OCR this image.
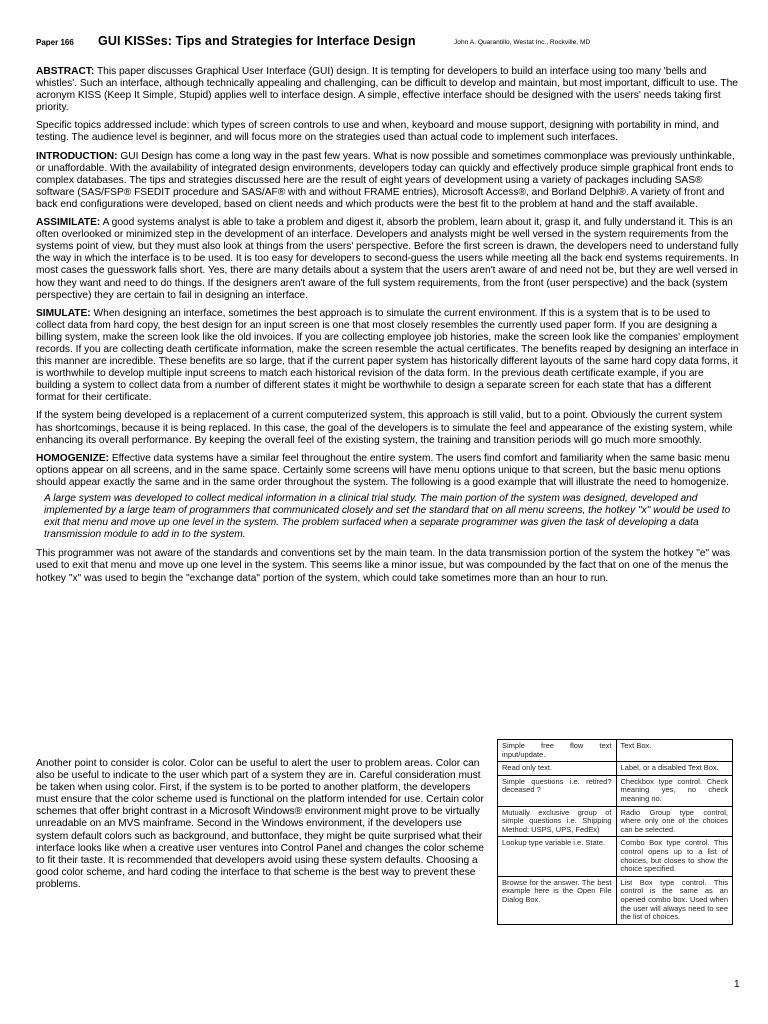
Paper 166 GUI KISSes: Tips and Strategies for Interface Design	John A. Quarantillo, Westat Inc., Rockville, MD

ABSTRACT: This paper discusses Graphical User Interface (GUI) design. It is tempting for developers to build an interface using too many 'bells and whistles'. Such an interface, although technically appealing and challenging, can be difficult to develop and maintain, but most important, difficult to use. The acronym KISS (Keep It Simple, Stupid) applies well to interface design. A simple, effective interface should be designed with the users' needs taking first priority.

Specific topics addressed include: which types of screen controls to use and when, keyboard and mouse support, designing with portability in mind, and testing. The audience level is beginner, and will focus more on the strategies used than actual code to implement such interfaces.

INTRODUCTION: GUI Design has come a long way in the past few years. What is now possible and sometimes commonplace was previously unthinkable, or unaffordable. With the availability of integrated design environments, developers today can quickly and effectively produce simple graphical front ends to complex databases. The tips and strategies discussed here are the result of eight years of development using a variety of packages including SAS® software (SAS/FSP® FSEDIT procedure and SAS/AF® with and without FRAME entries), Microsoft Access®, and Borland Delphi®. A variety of front and back end configurations were developed, based on client needs and which products were the best fit to the problem at hand and the staff available.

ASSIMILATE: A good systems analyst is able to take a problem and digest it, absorb the problem, learn about it, grasp it, and fully understand it. This is an often overlooked or minimized step in the development of an interface. Developers and analysts might be well versed in the system requirements from the systems point of view, but they must also look at things from the users' perspective. Before the first screen is drawn, the developers need to understand fully the way in which the interface is to be used. It is too easy for developers to second-guess the users while meeting all the back end systems requirements. In most cases the guesswork falls short. Yes, there are many details about a system that the users aren't aware of and need not be, but they are well versed in how they want and need to do things. If the designers aren't aware of the full system requirements, from the front (user perspective) and the back (system perspective) they are certain to fail in designing an interface.

SIMULATE: When designing an interface, sometimes the best approach is to simulate the current environment. If this is a system that is to be used to collect data from hard copy, the best design for an input screen is one that most closely resembles the currently used paper form. If you are designing a billing system, make the screen look like the old invoices. If you are collecting employee job histories, make the screen look like the companies' employment records. If you are collecting death certificate information, make the screen resemble the actual certificates. The benefits reaped by designing an interface in this manner are incredible. These benefits are so large, that if the current paper system has historically different layouts of the same hard copy data forms, it is worthwhile to develop multiple input screens to match each historical revision of the data form. In the previous death certificate example, if you are building a system to collect data from a number of different states it might be worthwhile to design a separate screen for each state that has a different format for their certificate.

If the system being developed is a replacement of a current computerized system, this approach is still valid, but to a point. Obviously the current system has shortcomings, because it is being replaced. In this case, the goal of the developers is to simulate the feel and appearance of the existing system, while enhancing its overall performance. By keeping the overall feel of the existing system, the training and transition periods will go much more smoothly.

HOMOGENIZE: Effective data systems have a similar feel throughout the entire system. The users find comfort and familiarity when the same basic menu options appear on all screens, and in the same space. Certainly some screens will have menu options unique to that screen, but the basic menu options should appear exactly the same and in the same order throughout the system. The following is a good example that will illustrate the need to homogenize.

A large system was developed to collect medical information in a clinical trial study. The main portion of the system was designed, developed and implemented by a large team of programmers that communicated closely and set the standard that on all menu screens, the hotkey "x" would be used to exit that menu and move up one level in the system. The problem surfaced when a separate programmer was given the task of developing a data transmission module to add in to the system.

This programmer was not aware of the standards and conventions set by the main team. In the data transmission portion of the system the hotkey "e" was used to exit that menu and move up one level in the system. This seems like a minor issue, but was compounded by the fact that on one of the menus the hotkey "x" was used to begin the "exchange data" portion of the system, which could take sometimes more than an hour to run.

Another point to consider is color. Color can be useful to alert the user to problem areas. Color can also be useful to indicate to the user which part of a system they are in. Careful consideration must be taken when using color. First, if the system is to be ported to another platform, the developers must ensure that the color scheme used is functional on the platform intended for use. Certain color schemes that offer bright contrast in a Microsoft Windows® environment might prove to be virtually unreadable on an MVS mainframe. Second in the Windows environment, if the developers use system default colors such as background, and buttonface, they might be quite surprised what their interface looks like when a creative user ventures into Control Panel and changes the color scheme to fit their taste. It is recommended that developers avoid using these system defaults. Choosing a good color scheme, and hard coding the interface to that scheme is the best way to prevent these problems.

Simple free flow text input/update.	Text Box.
Read only text.	Label, or a disabled Text Box.
Simple questions i.e. retired? deceased ?	Checkbox type control. Check meaning yes, no check meaning no.
Mutually exclusive group of simple questions i.e. Shipping Method: USPS, UPS, FedEx)	Radio Group type control, where only one of the choices can be selected.
Lookup type variable i.e. State.	Combo Box type control. This control opens up to a list of choices, but closes to show the choice specified.
Browse for the answer. The best example here is the Open File Dialog Box.	List Box type control. This control is the same as an opened combo box. Used when the user will always need to see the list of choices.
1
